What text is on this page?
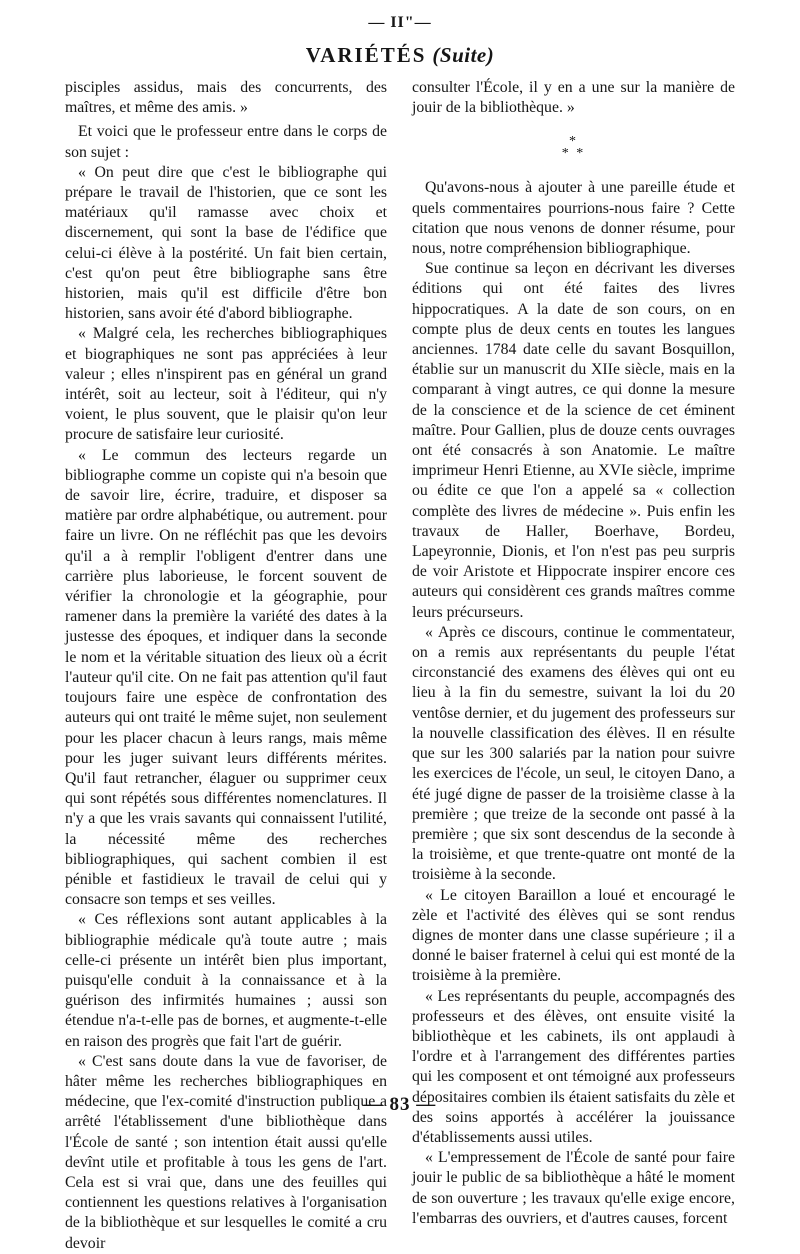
— II"—
VARIÉTÉS (Suite)

pisciples assidus, mais des concurrents, des maîtres, et même des amis. »

Et voici que le professeur entre dans le corps de son sujet :

« On peut dire que c'est le bibliographe qui prépare le travail de l'historien, que ce sont les matériaux qu'il ramasse avec choix et discernement, qui sont la base de l'édifice que celui-ci élève à la postérité. Un fait bien certain, c'est qu'on peut être bibliographe sans être historien, mais qu'il est difficile d'être bon historien, sans avoir été d'abord bibliographe.

« Malgré cela, les recherches bibliographiques et biographiques ne sont pas appréciées à leur valeur ; elles n'inspirent pas en général un grand intérêt, soit au lecteur, soit à l'éditeur, qui n'y voient, le plus souvent, que le plaisir qu'on leur procure de satisfaire leur curiosité.

« Le commun des lecteurs regarde un bibliographe comme un copiste qui n'a besoin que de savoir lire, écrire, traduire, et disposer sa matière par ordre alphabétique, ou autrement. pour faire un livre. On ne réfléchit pas que les devoirs qu'il a à remplir l'obligent d'entrer dans une carrière plus laborieuse, le forcent souvent de vérifier la chronologie et la géographie, pour ramener dans la première la variété des dates à la justesse des époques, et indiquer dans la seconde le nom et la véritable situation des lieux où a écrit l'auteur qu'il cite. On ne fait pas attention qu'il faut toujours faire une espèce de confrontation des auteurs qui ont traité le même sujet, non seulement pour les placer chacun à leurs rangs, mais même pour les juger suivant leurs différents mérites. Qu'il faut retrancher, élaguer ou supprimer ceux qui sont répétés sous différentes nomenclatures. Il n'y a que les vrais savants qui connaissent l'utilité, la nécessité même des recherches bibliographiques, qui sachent combien il est pénible et fastidieux le travail de celui qui y consacre son temps et ses veilles.

« Ces réflexions sont autant applicables à la bibliographie médicale qu'à toute autre ; mais celle-ci présente un intérêt bien plus important, puisqu'elle conduit à la connaissance et à la guérison des infirmités humaines ; aussi son étendue n'a-t-elle pas de bornes, et augmente-t-elle en raison des progrès que fait l'art de guérir.

« C'est sans doute dans la vue de favoriser, de hâter même les recherches bibliographiques en médecine, que l'ex-comité d'instruction publique a arrêté l'établissement d'une bibliothèque dans l'École de santé ; son intention était aussi qu'elle devînt utile et profitable à tous les gens de l'art. Cela est si vrai que, dans une des feuilles qui contiennent les questions relatives à l'organisation de la bibliothèque et sur lesquelles le comité a cru devoir

consulter l'École, il y en a une sur la manière de jouir de la bibliothèque. »

*
* *

Qu'avons-nous à ajouter à une pareille étude et quels commentaires pourrions-nous faire ? Cette citation que nous venons de donner résume, pour nous, notre compréhension bibliographique.

Sue continue sa leçon en décrivant les diverses éditions qui ont été faites des livres hippocratiques. A la date de son cours, on en compte plus de deux cents en toutes les langues anciennes. 1784 date celle du savant Bosquillon, établie sur un manuscrit du XIIe siècle, mais en la comparant à vingt autres, ce qui donne la mesure de la conscience et de la science de cet éminent maître. Pour Gallien, plus de douze cents ouvrages ont été consacrés à son Anatomie. Le maître imprimeur Henri Etienne, au XVIe siècle, imprime ou édite ce que l'on a appelé sa « collection complète des livres de médecine ». Puis enfin les travaux de Haller, Boerhave, Bordeu, Lapeyronnie, Dionis, et l'on n'est pas peu surpris de voir Aristote et Hippocrate inspirer encore ces auteurs qui considèrent ces grands maîtres comme leurs précurseurs.

« Après ce discours, continue le commentateur, on a remis aux représentants du peuple l'état circonstancié des examens des élèves qui ont eu lieu à la fin du semestre, suivant la loi du 20 ventôse dernier, et du jugement des professeurs sur la nouvelle classification des élèves. Il en résulte que sur les 300 salariés par la nation pour suivre les exercices de l'école, un seul, le citoyen Dano, a été jugé digne de passer de la troisième classe à la première ; que treize de la seconde ont passé à la première ; que six sont descendus de la seconde à la troisième, et que trente-quatre ont monté de la troisième à la seconde.

« Le citoyen Baraillon a loué et encouragé le zèle et l'activité des élèves qui se sont rendus dignes de monter dans une classe supérieure ; il a donné le baiser fraternel à celui qui est monté de la troisième à la première.

« Les représentants du peuple, accompagnés des professeurs et des élèves, ont ensuite visité la bibliothèque et les cabinets, ils ont applaudi à l'ordre et à l'arrangement des différentes parties qui les composent et ont témoigné aux professeurs dépositaires combien ils étaient satisfaits du zèle et des soins apportés à accélérer la jouissance d'établissements aussi utiles.

« L'empressement de l'École de santé pour faire jouir le public de sa bibliothèque a hâté le moment de son ouverture ; les travaux qu'elle exige encore, l'embarras des ouvriers, et d'autres causes, forcent

— 83 —
